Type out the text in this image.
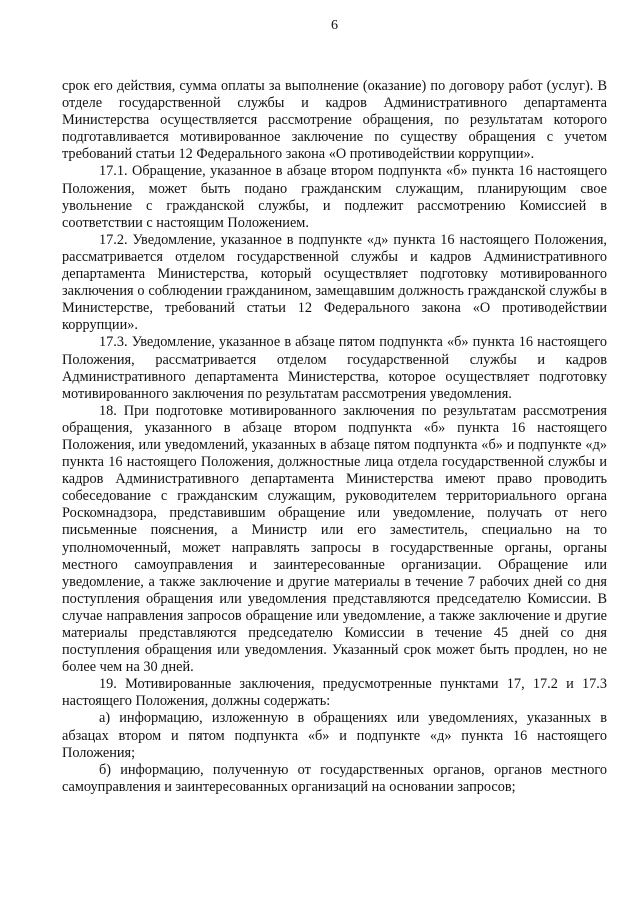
6

срок его действия, сумма оплаты за выполнение (оказание) по договору работ (услуг). В отделе государственной службы и кадров Административного департамента Министерства осуществляется рассмотрение обращения, по результатам которого подготавливается мотивированное заключение по существу обращения с учетом требований статьи 12 Федерального закона «О противодействии коррупции».

17.1. Обращение, указанное в абзаце втором подпункта «б» пункта 16 настоящего Положения, может быть подано гражданским служащим, планирующим свое увольнение с гражданской службы, и подлежит рассмотрению Комиссией в соответствии с настоящим Положением.

17.2. Уведомление, указанное в подпункте «д» пункта 16 настоящего Положения, рассматривается отделом государственной службы и кадров Административного департамента Министерства, который осуществляет подготовку мотивированного заключения о соблюдении гражданином, замещавшим должность гражданской службы в Министерстве, требований статьи 12 Федерального закона «О противодействии коррупции».

17.3. Уведомление, указанное в абзаце пятом подпункта «б» пункта 16 настоящего Положения, рассматривается отделом государственной службы и кадров Административного департамента Министерства, которое осуществляет подготовку мотивированного заключения по результатам рассмотрения уведомления.

18. При подготовке мотивированного заключения по результатам рассмотрения обращения, указанного в абзаце втором подпункта «б» пункта 16 настоящего Положения, или уведомлений, указанных в абзаце пятом подпункта «б» и подпункте «д» пункта 16 настоящего Положения, должностные лица отдела государственной службы и кадров Административного департамента Министерства имеют право проводить собеседование с гражданским служащим, руководителем территориального органа Роскомнадзора, представившим обращение или уведомление, получать от него письменные пояснения, а Министр или его заместитель, специально на то уполномоченный, может направлять запросы в государственные органы, органы местного самоуправления и заинтересованные организации. Обращение или уведомление, а также заключение и другие материалы в течение 7 рабочих дней со дня поступления обращения или уведомления представляются председателю Комиссии. В случае направления запросов обращение или уведомление, а также заключение и другие материалы представляются председателю Комиссии в течение 45 дней со дня поступления обращения или уведомления. Указанный срок может быть продлен, но не более чем на 30 дней.

19. Мотивированные заключения, предусмотренные пунктами 17, 17.2 и 17.3 настоящего Положения, должны содержать:

а) информацию, изложенную в обращениях или уведомлениях, указанных в абзацах втором и пятом подпункта «б» и подпункте «д» пункта 16 настоящего Положения;

б) информацию, полученную от государственных органов, органов местного самоуправления и заинтересованных организаций на основании запросов;
